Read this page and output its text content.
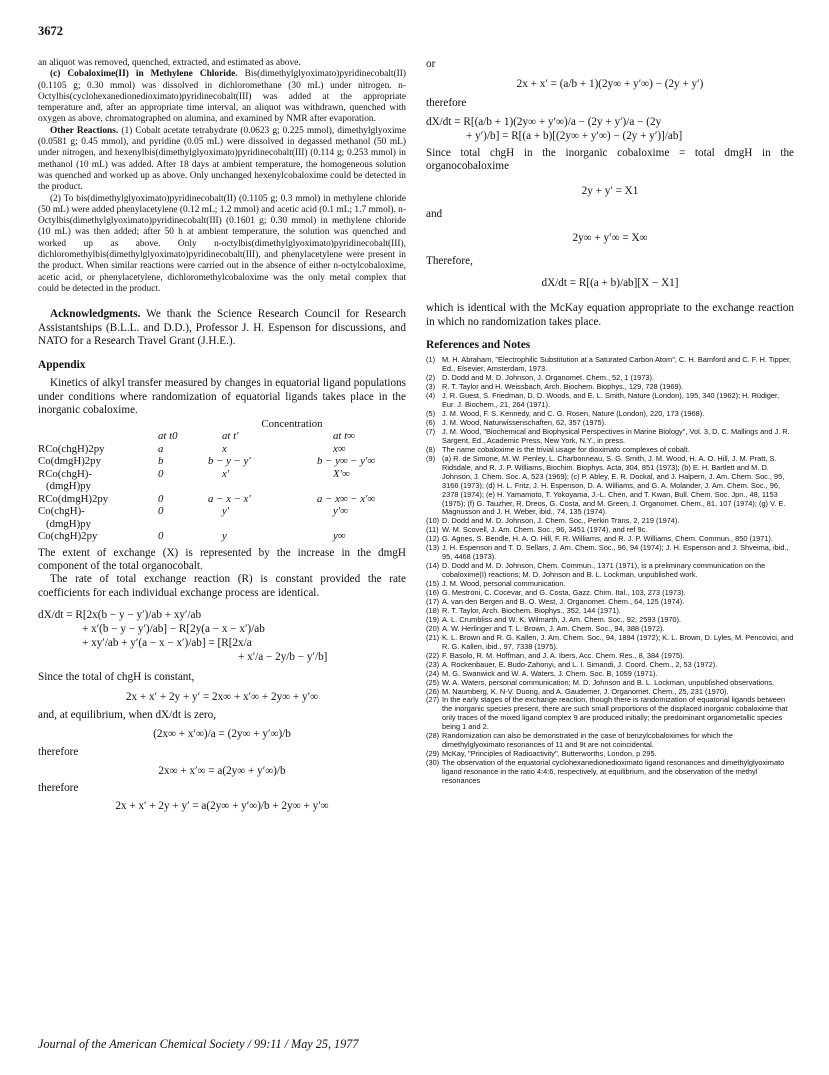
3672

an aliquot was removed, quenched, extracted, and estimated as above.

(c) Cobaloxime(II) in Methylene Chloride. Bis(dimethylglyoximato)pyridinecobalt(II) (0.1105 g; 0.30 mmol) was dissolved in dichloromethane (30 mL) under nitrogen. n-Octylbis(cyclohexanedionedioximato)pyridinecobalt(III) was added at the appropriate temperature and, after an appropriate time interval, an aliquot was withdrawn, quenched with oxygen as above, chromatographed on alumina, and examined by NMR after evaporation.

Other Reactions. (1) Cobalt acetate tetrahydrate (0.0623 g; 0.225 mmol), dimethylglyoxime (0.0581 g; 0.45 mmol), and pyridine (0.05 mL) were dissolved in degassed methanol (50 mL) under nitrogen, and hexenylbis(dimethylglyoximato)pyridinecobalt(III) (0.114 g; 0.253 mmol) in methanol (10 mL) was added. After 18 days at ambient temperature, the homogeneous solution was quenched and worked up as above. Only unchanged hexenylcobaloxime could be detected in the product.

(2) To bis(dimethylglyoximato)pyridinecobalt(II) (0.1105 g; 0.3 mmol) in methylene chloride (50 mL) were added phenylacetylene (0.12 mL; 1.2 mmol) and acetic acid (0.1 mL; 1.7 mmol). n-Octylbis(dimethylglyoximato)pyridinecobalt(III) (0.1601 g; 0.30 mmol) in methylene chloride (10 mL) was then added; after 50 h at ambient temperature, the solution was quenched and worked up as above. Only n-octylbis(dimethylglyoximato)pyridinecobalt(III), dichloromethylbis(dimethylglyoximato)pyridinecobalt(III), and phenylacetylene were present in the product. When similar reactions were carried out in the absence of either n-octylcobaloxime, acetic acid, or phenylacetylene, dichloromethylcobaloxime was the only metal complex that could be detected in the product.

Acknowledgments. We thank the Science Research Council for Research Assistantships (B.L.L. and D.D.), Professor J. H. Espenson for discussions, and NATO for a Research Travel Grant (J.H.E.).

Appendix

Kinetics of alkyl transfer measured by changes in equatorial ligand populations under conditions where randomization of equatorial ligands takes place in the inorganic cobaloxime.

	Concentration		
	at t0	at t′	at t∞
RCo(chgH)2py	a	x	x∞
Co(dmgH)2py	b	b − y − y′	b − y∞ − y′∞
RCo(chgH)-	0	x′	X′∞
(dmgH)py			
RCo(dmgH)2py	0	a − x − x′	a − x∞ − x′∞
Co(chgH)-	0	y′	y′∞
(dmgH)py			
Co(chgH)2py	0	y	y∞

The extent of exchange (X) is represented by the increase in the dmgH component of the total organocobalt.

The rate of total exchange reaction (R) is constant provided the rate coefficients for each individual exchange process are identical.

dX/dt = R[2x(b − y − y′)/ab + xy′/ab
+ x′(b − y − y′)/ab] − R[2y(a − x − x′)/ab
+ xy′/ab + y′(a − x − x′)/ab] = [R[2x/a
+ x′/a − 2y/b − y′/b]

Since the total of chgH is constant,

2x + x′ + 2y + y′ = 2x∞ + x′∞ + 2y∞ + y′∞

and, at equilibrium, when dX/dt is zero,

(2x∞ + x′∞)/a = (2y∞ + y′∞)/b

therefore

2x∞ + x′∞ = a(2y∞ + y′∞)/b

therefore

2x + x′ + 2y + y′ = a(2y∞ + y′∞)/b + 2y∞ + y′∞

or

2x + x′ = (a/b + 1)(2y∞ + y′∞) − (2y + y′)

therefore

dX/dt = R[(a/b + 1)(2y∞ + y′∞)/a − (2y + y′)/a − (2y
+ y′)/b] = R[(a + b)[(2y∞ + y′∞) − (2y + y′)]/ab]

Since total chgH in the inorganic cobaloxime = total dmgH in the organocobaloxime

2y + y′ = X1

and

2y∞ + y′∞ = X∞

Therefore,

dX/dt = R[(a + b)/ab][X − X1]

which is identical with the McKay equation appropriate to the exchange reaction in which no randomization takes place.

References and Notes
(1) M. H. Abraham, "Electrophilic Substitution at a Saturated Carbon Atom", C. H. Bamford and C. F. H. Tipper, Ed., Elsevier, Amsterdam, 1973.
(2) D. Dodd and M. D. Johnson, J. Organomet. Chem., 52, 1 (1973).
(3) R. T. Taylor and H. Weissbach, Arch. Biochem. Biophys., 129, 728 (1969).
(4) J. R. Guest, S. Friedman, D. D. Woods, and E. L. Smith, Nature (London), 195, 340 (1962); H. Rüdiger, Eur. J. Biochem., 21, 264 (1971).
(5) J. M. Wood, F. S. Kennedy, and C. G. Rosen, Nature (London), 220, 173 (1968).
(6) J. M. Wood, Naturwissenschaften, 62, 357 (1975).
(7) J. M. Wood, "Biochemical and Biophysical Perspectives in Marine Biology", Vol. 3, D. C. Mallings and J. R. Sargent, Ed., Academic Press, New York, N.Y., in press.
(8) The name cobaloxime is the trivial usage for dioximato complexes of cobalt.
(9) (a) R. de Simone, M. W. Penley, L. Charbonneau, S. G. Smith, J. M. Wood, H. A. O. Hill, J. M. Pratt, S. Ridsdale, and R. J. P. Williams, Biochim. Biophys. Acta, 304, 851 (1973); (b) E. H. Bartlett and M. D. Johnson, J. Chem. Soc. A, 523 (1969); (c) P. Abley, E. R. Dockal, and J. Halpern, J. Am. Chem. Soc., 95, 3166 (1973); (d) H. L. Fritz, J. H. Espenson, D. A. Williams, and G. A. Molander, J. Am. Chem. Soc., 96, 2378 (1974); (e) H. Yamamoto, T. Yokoyama, J.-L. Chen, and T. Kwan, Bull. Chem. Soc. Jpn., 48, 1153 (1975); (f) G. Tauzher, R. Dreos, G. Costa, and M. Green, J. Organomet. Chem., 81, 107 (1974); (g) V. E. Magnusson and J. H. Weber, ibid., 74, 135 (1974).
(10) D. Dodd and M. D. Johnson, J. Chem. Soc., Perkin Trans. 2, 219 (1974).
(11) W. M. Scovell, J. Am. Chem. Soc., 96, 3451 (1974), and ref 9c.
(12) G. Agnes, S. Bendle, H. A. O. Hill, F. R. Williams, and R. J. P. Williams, Chem. Commun., 850 (1971).
(13) J. H. Espenson and T. D. Sellars, J. Am. Chem. Soc., 96, 94 (1974); J. H. Espenson and J. Shveima, ibid., 95, 4468 (1973).
(14) D. Dodd and M. D. Johnson, Chem. Commun., 1371 (1971), is a preliminary communication on the cobaloxime(I) reactions; M. D. Johnson and B. L. Lockman, unpublished work.
(15) J. M. Wood, personal communication.
(16) G. Mestroni, C. Cocevar, and G. Costa, Gazz. Chim. Ital., 103, 273 (1973).
(17) A. van den Bergen and B. O. West, J. Organomet. Chem., 64, 125 (1974).
(18) R. T. Taylor, Arch. Biochem. Biophys., 352, 144 (1971).
(19) A. L. Crumbliss and W. K. Wilmarth, J. Am. Chem. Soc., 92, 2593 (1970).
(20) A. W. Herlinger and T. L. Brown, J. Am. Chem. Soc., 94, 388 (1972).
(21) K. L. Brown and R. G. Kallen, J. Am. Chem. Soc., 94, 1894 (1972); K. L. Brown, D. Lyles, M. Pencovici, and R. G. Kallen, ibid., 97, 7338 (1975).
(22) F. Basolo, R. M. Hoffman, and J. A. Ibers, Acc. Chem. Res., 8, 384 (1975).
(23) A. Rockenbauer, E. Budo-Zahonyi, and L. I. Simandi, J. Coord. Chem., 2, 53 (1972).
(24) M. G. Swanwick and W. A. Waters, J. Chem. Soc. B, 1059 (1971).
(25) W. A. Waters, personal communication; M. D. Johnson and B. L. Lockman, unpublished observations.
(26) M. Naumberg, K. N-V. Duong, and A. Gaudemer, J. Organomet. Chem., 25, 231 (1970).
(27) In the early stages of the exchange reaction, though there is randomization of equatorial ligands between the inorganic species present, there are such small proportions of the displaced inorganic cobaloxime that only traces of the mixed ligand complex 9 are produced initially; the predominant organometallic species being 1 and 2.
(28) Randomization can also be demonstrated in the case of benzylcobaloximes for which the dimethylglyoximato resonances of 11 and 9t are not coincidental.
(29) McKay, "Principles of Radioactivity", Butterworths, London, p 295.
(30) The observation of the equatorial cyclohexanedionedioximato ligand resonances and dimethylglyoximato ligand resonance in the ratio 4:4:6, respectively, at equilibrium, and the observation of the methyl resonances
Journal of the American Chemical Society / 99:11 / May 25, 1977
